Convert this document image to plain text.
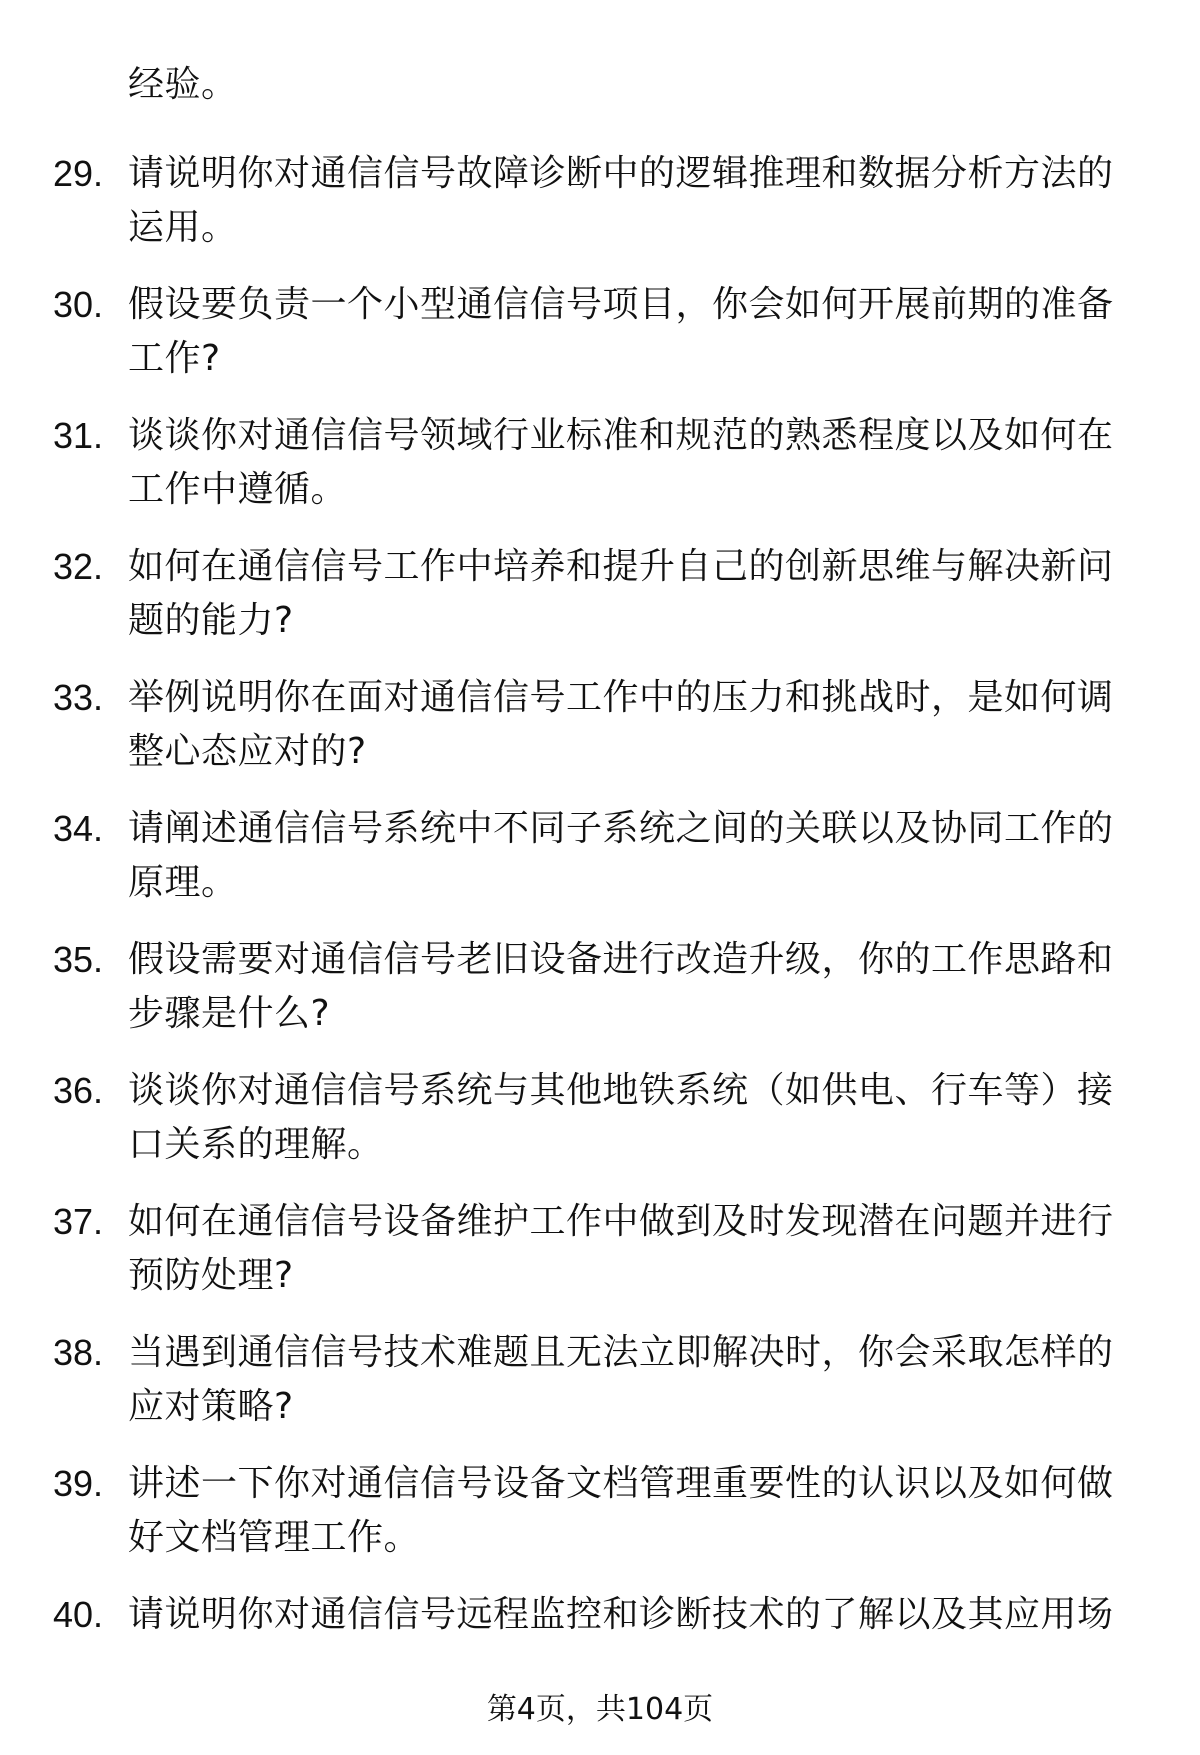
经验。

29. 请说明你对通信信号故障诊断中的逻辑推理和数据分析方法的运用。
30. 假设要负责一个小型通信信号项目，你会如何开展前期的准备工作?
31. 谈谈你对通信信号领域行业标准和规范的熟悉程度以及如何在工作中遵循。
32. 如何在通信信号工作中培养和提升自己的创新思维与解决新问题的能力?
33. 举例说明你在面对通信信号工作中的压力和挑战时，是如何调整心态应对的?
34. 请阐述通信信号系统中不同子系统之间的关联以及协同工作的原理。
35. 假设需要对通信信号老旧设备进行改造升级，你的工作思路和步骤是什么?
36. 谈谈你对通信信号系统与其他地铁系统（如供电、行车等）接口关系的理解。
37. 如何在通信信号设备维护工作中做到及时发现潜在问题并进行预防处理?
38. 当遇到通信信号技术难题且无法立即解决时，你会采取怎样的应对策略?
39. 讲述一下你对通信信号设备文档管理重要性的认识以及如何做好文档管理工作。
40. 请说明你对通信信号远程监控和诊断技术的了解以及其应用场
第4页，共104页
